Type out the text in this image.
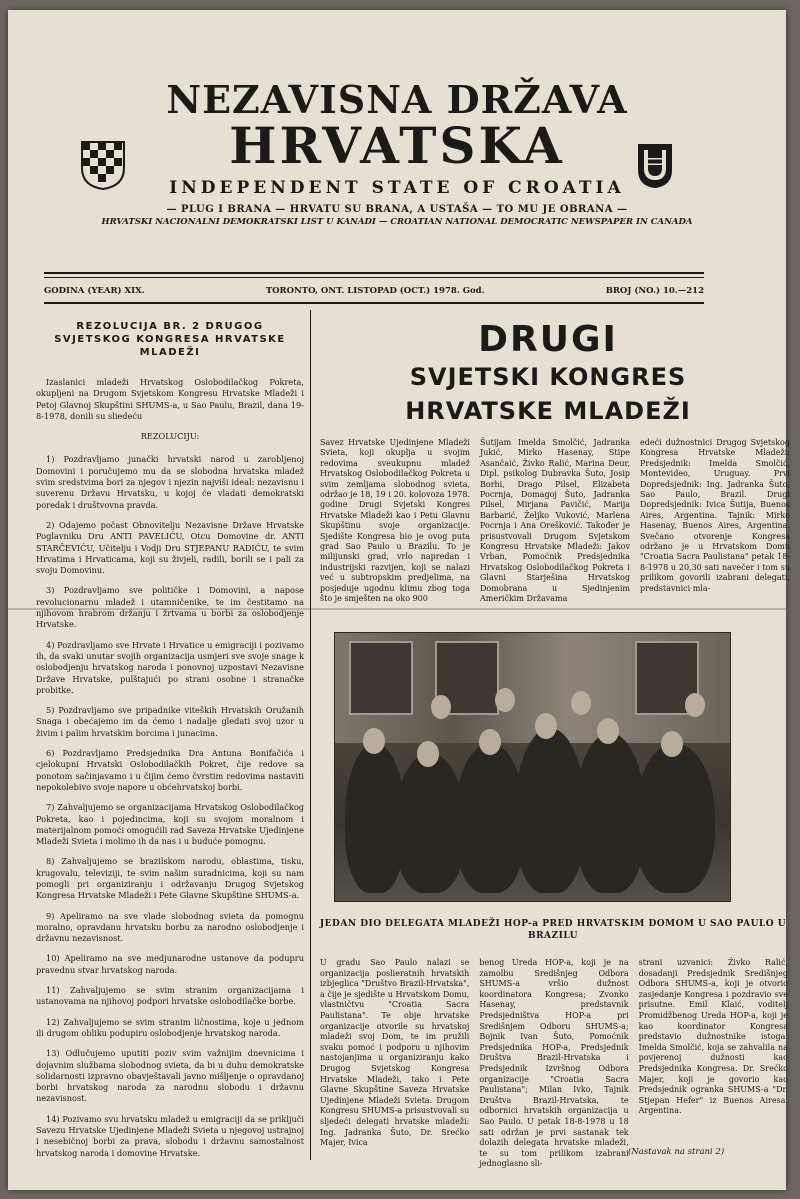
NEZAVISNA DRŽAVA
HRVATSKA
INDEPENDENT STATE OF CROATIA
— PLUG I BRANA — HRVATU SU BRANA, A USTAŠA — TO MU JE OBRANA —
HRVATSKI NACIONALNI DEMOKRATSKI LIST U KANADI — CROATIAN NATIONAL DEMOCRATIC NEWSPAPER IN CANADA
GODINA (YEAR) XIX.	TORONTO, ONT. LISTOPAD (OCT.) 1978. God.	BROJ (NO.) 10.—212
REZOLUCIJA BR. 2 DRUGOG SVJETSKOG KONGRESA HRVATSKE MLADEŽI

Izaslanici mladeži Hrvatskog Oslobodilačkog Pokreta, okupljeni na Drugom Svjetskom Kongresu Hrvatske Mladeži i Petoj Glavnoj Skupštini SHUMS-a, u Sao Paulu, Brazil, dana 19-8-1978, donili su sliedeću

REZOLUCIJU:

1) Pozdravljamo junački hrvatski narod u zarobljenoj Domovini i poručujemo mu da se slobodna hrvatska mladež svim sredstvima bori za njegov i njezin najviši ideal: nezavisnu i suverenu Državu Hrvatsku, u kojoj će vladati demokratski poredak i društvovna pravda.

2) Odajemo počast Obnovitelju Nezavisne Države Hrvatske Poglavniku Dru ANTI PAVELIĆU, Otcu Domovine dr. ANTI STARČEVIĆU, Učitelju i Vodji Dru STJEPANU RADIĆU, te svim Hrvatima i Hrvaticama, koji su živjeli, radili, borili se i pali za svoju Domovinu.

3) Pozdravljamo sve političke i Domovini, a napose revolucionarnu mladež i utamničenike, te im čestitamo na njihovom hrabrom držanju i žrtvama u borbi za oslobodjenje Hrvatske.

4) Pozdravljamo sve Hrvate i Hrvatice u emigraciji i pozivamo ih, da svaki unutar svojih organizacija usmjeri sve svoje snage k oslobodjenju hrvatskog naroda i ponovnoj uzpostavi Nezavisne Države Hrvatske, pulštajući po strani osobne i stranačke probitke.

5) Pozdravljamo sve pripadnike viteških Hrvatskih Oružanih Snaga i obećajemo im da ćemo i nadalje gledati svoj uzor u živim i palim hrvatskim borcima i junacima.

6) Pozdravljamo Predsjednika Dra Antuna Bonifačića i cjelokupni Hrvatski Oslobodilačkih Pokret, čije redove sa ponotom sačinjavamo i u čijim ćemo čvrstim redovima nastaviti nepokolebivo svoje napore u obćehrvatskoj borbi.

7) Zahvaljujemo se organizacijama Hrvatskog Oslobodilačkog Pokreta, kao i pojedincima, koji su svojom moralnom i materijalnom pomoći omogućili rad Saveza Hrvatske Ujedinjene Mladeži Svieta i molimo ih da nas i u buduće pomognu.

8) Zahvaljujemo se brazilskom narodu, oblastima, tisku, krugovalu, televiziji, te svim našim suradnicima, koji su nam pomogli pri organiziranju i održavanju Drugog Svjetskog Kongresa Hrvatske Mladeži i Pete Glavne Skupštine SHUMS-a.

9) Apeliramo na sve vlade slobodnog svieta da pomognu moralno, opravdanu hrvatsku borbu za narodno oslobodjenje i državnu nezavisnost.

10) Apeliramo na sve medjunarodne ustanove da podupru pravednu stvar hrvatskog naroda.

11) Zahvaljujemo se svim stranim organizacijama i ustanovama na njihovoj podpori hrvatske oslobodilačke borbe.

12) Zahvaljujemo se svim stranim ličnostima, koje u jednom ili drugom obliku podupiru oslobodjenje hrvatskog naroda.

13) Odlučujemo uputiti poziv svim važnijim dnevnicima i dojavnim službama slobodnog svieta, da bi u duhu demokratske solidarnosti izpravno obavještavali javno mišljenje o opravdanoj borbi hrvatskog naroda za narodnu slobodu i državnu nezavisnost.

14) Pozivamo svu hrvatsku mladež u emigraciji da se priključi Savezu Hrvatske Ujedinjene Mladeži Svieta u njegovoj ustrajnoj i nesebičnoj borbi za prava, slobodu i državnu samostalnost hrvatskog naroda i domovine Hrvatske.

DRUGI
SVJETSKI KONGRES
HRVATSKE MLADEŽI

Savez Hrvatske Ujedinjene Mladeži Svieta, koji okuplja u svojim redovima sveukupnu mladež Hrvatskog Oslobodilačkog Pokreta u svim zemljama slobodnog svieta, održao je 18, 19 i 20. kolovoza 1978. godine Drugi Svjetski Kongres Hrvatske Mladeži kao i Petu Glavnu Skupštinu svoje organizacije. Sjedište Kongresa bio je ovog puta grad Sao Paulo u Brazilu. To je milijunski grad, vrlo napredan i industrijski razvijen, koji se nalazi već u subtropskim predjelima, na posjeduje ugodnu klimu zbog toga što je smješten na oko 900

Šutijam Imelda Smolčić, Jadranka Jukić, Mirko Hasenay, Stipe Asančaić, Živko Ralić, Marina Deur, Dipl. psikolog Dubravka Šuto, Josip Borhi, Drago Pilsel, Elizabeta Pocrnja, Domagoj Šuto, Jadranka Pilsel, Mirjana Pavičić, Marija Barbarić, Željko Vuković, Marlena Pocrnja i Ana Orešković. Također je prisustvovali Drugom Svjetskom Kongresu Hrvatske Mladeži: Jakov Vrban, Pomoćnik Predsjednika Hrvatskog Oslobodilačkog Pokreta i Glavni Starješina Hrvatskog Domobrana u Sjedinjenim Američkim Državama

edeći dužnostnici Drugog Svjetskog Kongresa Hrvatske Mladeži: Predsjednik: Imelda Smolčić, Montevideo, Uruguay. Prvi Dopredsjednik: Ing. Jadranka Šuto, Sao Paulo, Brazil. Drugi Dopredsjednik: Ivica Šutija, Buenos Aires, Argentina. Tajnik: Mirko Hasenay, Buenos Aires, Argentina. Svečano otvorenje Kongresa održano je u Hrvatskom Domu "Croatia Sacra Paulistana" petak 18-8-1978 u 20,30 sati navečer i tom su prilikom govorili izabrani delegati, predstavnici mla-

JEDAN DIO DELEGATA MLADEŽI HOP-a PRED HRVATSKIM DOMOM U SAO PAULO U BRAZILU

U gradu Sao Paulo nalazi se organizacija poslieratnih hrvatskih izbjeglica "Društvo Brazil-Hrvatska", a čije je sjedište u Hrvatskom Domu, vlastničtvu "Croatia Sacra Paulistana". Te obje hrvatske organizacije otvorile su hrvatskoj mladeži svoj Dom, te im pružili svaku pomoć i podporu u njihovim nastojanjima u organiziranju kako Drugog Svjetskog Kongresa Hrvatske Mladeži, tako i Pete Glavne Skupštine Saveza Hrvatske Ujedinjene Mladeži Svieta. Drugom Kongresu SHUMS-a prisustvovali su sljedeći delegati hrvatske mladeži: Ing. Jadranka Šuto, Dr. Srećko Majer, Ivica

benog Ureda HOP-a, koji je na zamolbu Središnjeg Odbora SHUMS-a vršio dužnost koordinatora Kongresa; Zvonko Hasenay, predstavnik Predsjedništva HOP-a pri Središnjem Odboru SHUMS-a; Bojnik Ivan Šuto, Pomoćnik Predsjednika HOP-a, Predsjednik Društva Brazil-Hrvatska i Predsjednik Izvršnog Odbora organizacije "Croatia Sacra Paulistana"; Milan Ivko, Tajnik Društva Brazil-Hrvatska, te odbornici hrvatskih organizacija u Sao Paulo. U petak 18-8-1978 u 18 sati održan je prvi sastanak tek dolazih delegata hrvatske mladeži, te su tom prilikom izabrani jednoglasno sli-

strani uzvanici: Živko Ralić, dosadanji Predsjednik Središnjeg Odbora SHUMS-a, koji je otvorio zasjedanje Kongresa i pozdravio sve prisutne. Emil Klaić, voditelj Promidžbenog Ureda HOP-a, koji je kao koordinator Kongresa predstavio dužnostnike istoga. Imelda Smolčić, koja se zahvalila na povjerenoj dužnosti kao Predsjednika Kongresa. Dr. Srećko Majer, koji je govorio kao Predsjednik ogranka SHUMS-a "Dr. Stjepan Hefer" iz Buenos Airesa, Argentina.

(Nastavak na strani 2)
